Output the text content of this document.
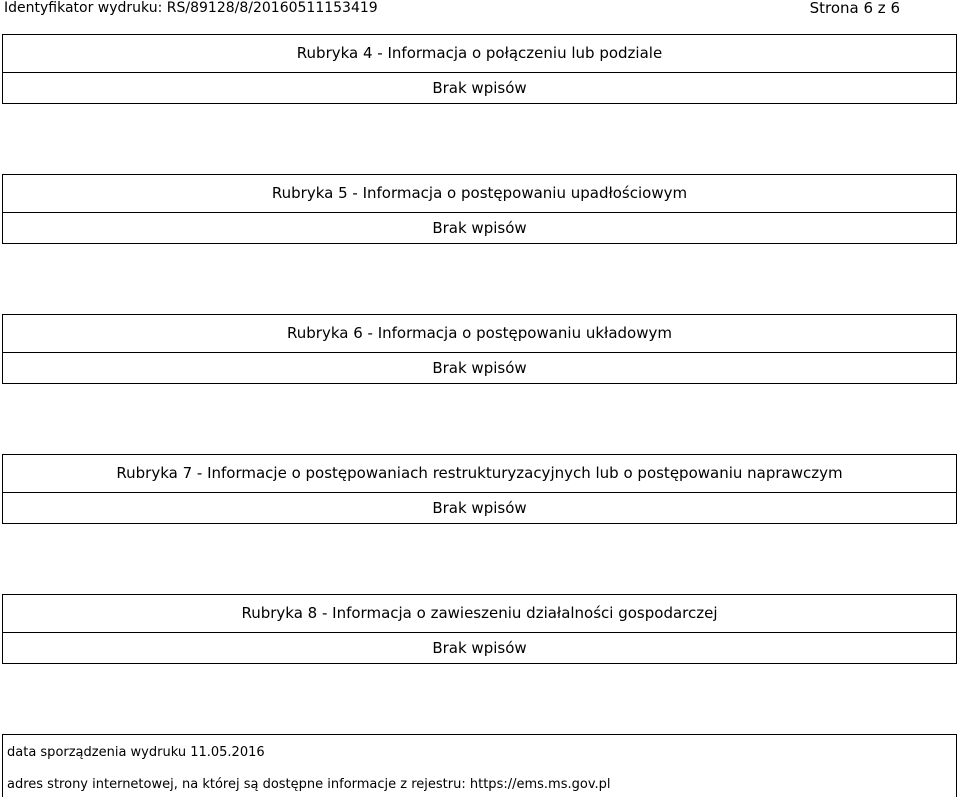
Identyfikator wydruku: RS/89128/8/20160511153419	Strona 6 z 6
Rubryka 4 - Informacja o połączeniu lub podziale
Brak wpisów
Rubryka 5 - Informacja o postępowaniu upadłościowym
Brak wpisów
Rubryka 6 - Informacja o postępowaniu układowym
Brak wpisów
Rubryka 7 - Informacje o postępowaniach restrukturyzacyjnych lub o postępowaniu naprawczym
Brak wpisów
Rubryka 8 - Informacja o zawieszeniu działalności gospodarczej
Brak wpisów
data sporządzenia wydruku 11.05.2016
adres strony internetowej, na której są dostępne informacje z rejestru: https://ems.ms.gov.pl
